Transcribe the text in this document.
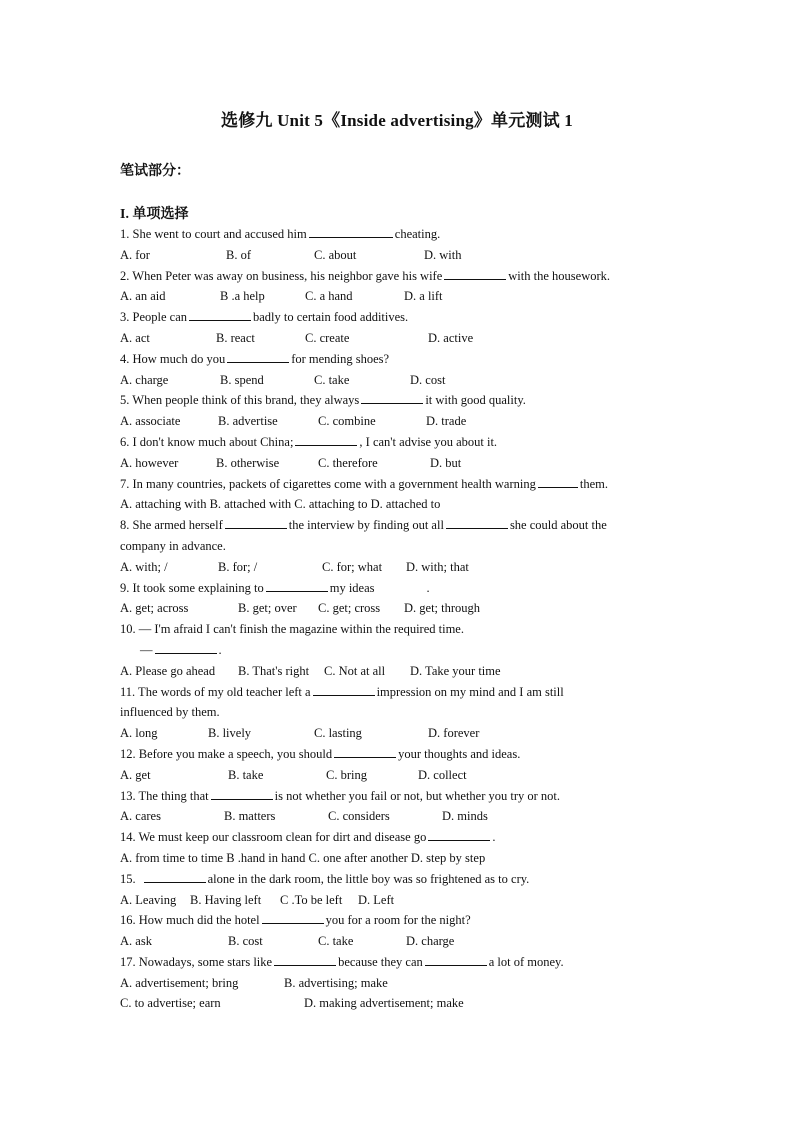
选修九 Unit 5《Inside advertising》单元测试 1
笔试部分：
I. 单项选择
1. She went to court and accused him	cheating.
A. for	B. of	C. about	D. with
2. When Peter was away on business, his neighbor gave his wife	with the housework.
A. an aid	B .a help	C. a hand	D. a lift
3. People can	badly to certain food additives.
A. act	B. react	C. create	D. active
4. How much do you	for mending shoes?
A. charge	B. spend	C. take	D. cost
5. When people think of this brand, they always	it with good quality.
A. associate	B. advertise	C. combine	D. trade
6. I don't know much about China;	, I can't advise you about it.
A. however	B. otherwise	C. therefore	D. but
7. In many countries, packets of cigarettes come with a government health warning	them.
A. attaching with B. attached with C. attaching to D. attached to
8. She armed herself	the interview by finding out all	she could about the
company in advance.
A. with; /	B. for; /	C. for; what D. with; that
9. It took some explaining to	my ideas	.
A. get; across	B. get; over C. get; cross D. get; through
10. — I'm afraid I can't finish the magazine within the required time.
—	.
A. Please go ahead B. That's right C. Not at all D. Take your time
11. The words of my old teacher left a	impression on my mind and I am still
influenced by them.
A. long	B. lively	C. lasting	D. forever
12. Before you make a speech, you should	your thoughts and ideas.
A. get	B. take	C. bring	D. collect
13. The thing that	is not whether you fail or not, but whether you try or not.
A. cares	B. matters	C. considers	D. minds
14. We must keep our classroom clean for dirt and disease go	.
A. from time to time B .hand in hand C. one after another D. step by step
15.	alone in the dark room, the little boy was so frightened as to cry.
A. Leaving B. Having left C .To be left D. Left
16. How much did the hotel	you for a room for the night?
A. ask	B. cost	C. take	D. charge
17. Nowadays, some stars like	because they can	a lot of money.
A. advertisement; bring	B. advertising; make
C. to advertise; earn	D. making advertisement; make
